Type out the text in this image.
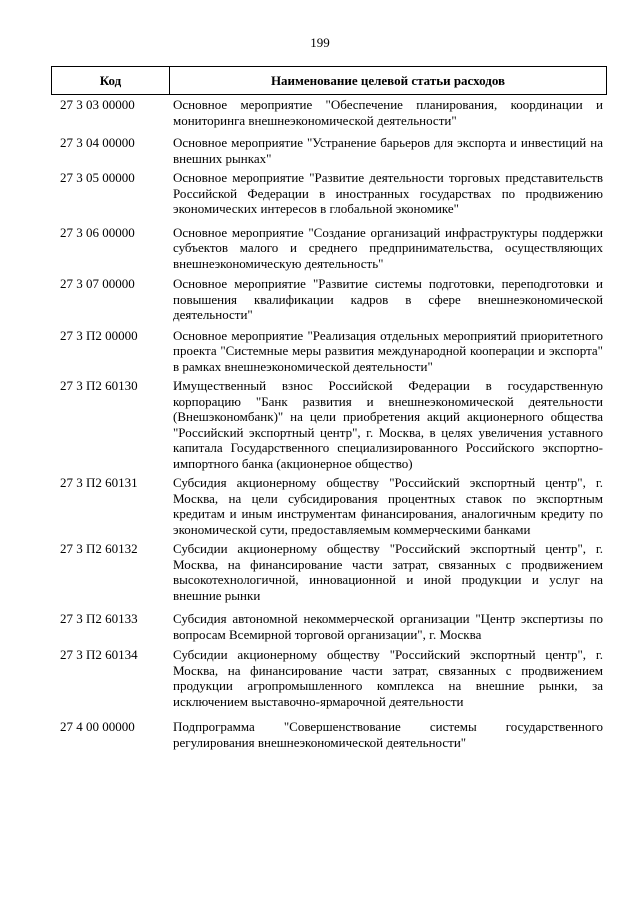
199
Код	Наименование целевой статьи расходов
27 3 03 00000	Основное мероприятие "Обеспечение планирования, координации и мониторинга внешнеэкономической деятельности"
27 3 04 00000	Основное мероприятие "Устранение барьеров для экспорта и инвестиций на внешних рынках"
27 3 05 00000	Основное мероприятие "Развитие деятельности торговых представительств Российской Федерации в иностранных государствах по продвижению экономических интересов в глобальной экономике"
27 3 06 00000	Основное мероприятие "Создание организаций инфраструктуры поддержки субъектов малого и среднего предпринимательства, осуществляющих внешнеэкономическую деятельность"
27 3 07 00000	Основное мероприятие "Развитие системы подготовки, переподготовки и повышения квалификации кадров в сфере внешнеэкономической деятельности"
27 3 П2 00000	Основное мероприятие "Реализация отдельных мероприятий приоритетного проекта "Системные меры развития международной кооперации и экспорта" в рамках внешнеэкономической деятельности"
27 3 П2 60130	Имущественный взнос Российской Федерации в государственную корпорацию "Банк развития и внешнеэкономической деятельности (Внешэкономбанк)" на цели приобретения акций акционерного общества "Российский экспортный центр", г. Москва, в целях увеличения уставного капитала Государственного специализированного Российского экспортно-импортного банка (акционерное общество)
27 3 П2 60131	Субсидия акционерному обществу "Российский экспортный центр", г. Москва, на цели субсидирования процентных ставок по экспортным кредитам и иным инструментам финансирования, аналогичным кредиту по экономической сути, предоставляемым коммерческими банками
27 3 П2 60132	Субсидии акционерному обществу "Российский экспортный центр", г. Москва, на финансирование части затрат, связанных с продвижением высокотехнологичной, инновационной и иной продукции и услуг на внешние рынки
27 3 П2 60133	Субсидия автономной некоммерческой организации "Центр экспертизы по вопросам Всемирной торговой организации", г. Москва
27 3 П2 60134	Субсидии акционерному обществу "Российский экспортный центр", г. Москва, на финансирование части затрат, связанных с продвижением продукции агропромышленного комплекса на внешние рынки, за исключением выставочно-ярмарочной деятельности
27 4 00 00000	Подпрограмма "Совершенствование системы государственного регулирования внешнеэкономической деятельности"
